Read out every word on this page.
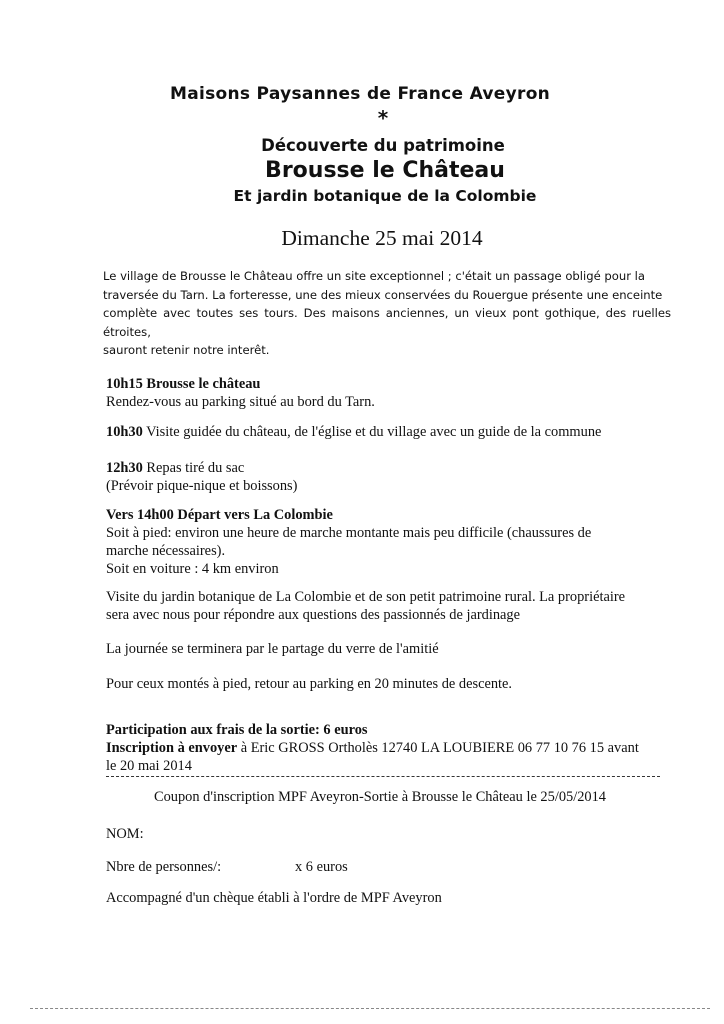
Maisons Paysannes de France Aveyron
*
Découverte du patrimoine
Brousse le Château
Et jardin botanique de la Colombie
Dimanche 25 mai 2014
Le village de Brousse le Château offre un site exceptionnel ; c'était un passage obligé pour la
traversée du Tarn. La forteresse, une des mieux conservées du Rouergue présente une enceinte
complète avec toutes ses tours. Des maisons anciennes, un vieux pont gothique, des ruelles étroites,
sauront retenir notre interêt.
10h15 Brousse le château
Rendez-vous au parking situé au bord du Tarn.
10h30 Visite guidée du château, de l'église et du village avec un guide de la commune
12h30 Repas tiré du sac
(Prévoir pique-nique et boissons)
Vers 14h00 Départ vers La Colombie
Soit à pied: environ une heure de marche montante mais peu difficile (chaussures de
marche nécessaires).
Soit en voiture : 4 km environ
Visite du jardin botanique de La Colombie et de son petit patrimoine rural. La propriétaire
sera avec nous pour répondre aux questions des passionnés de jardinage
La journée se terminera par le partage du verre de l'amitié
Pour ceux montés à pied, retour au parking en 20 minutes de descente.
Participation aux frais de la sortie: 6 euros
Inscription à envoyer à Eric GROSS Ortholès 12740 LA LOUBIERE 06 77 10 76 15 avant
le 20 mai 2014
Coupon d'inscription MPF Aveyron-Sortie à Brousse le Château le 25/05/2014
NOM:
Nbre de personnes/:	x 6 euros
Accompagné d'un chèque établi à l'ordre de MPF Aveyron
